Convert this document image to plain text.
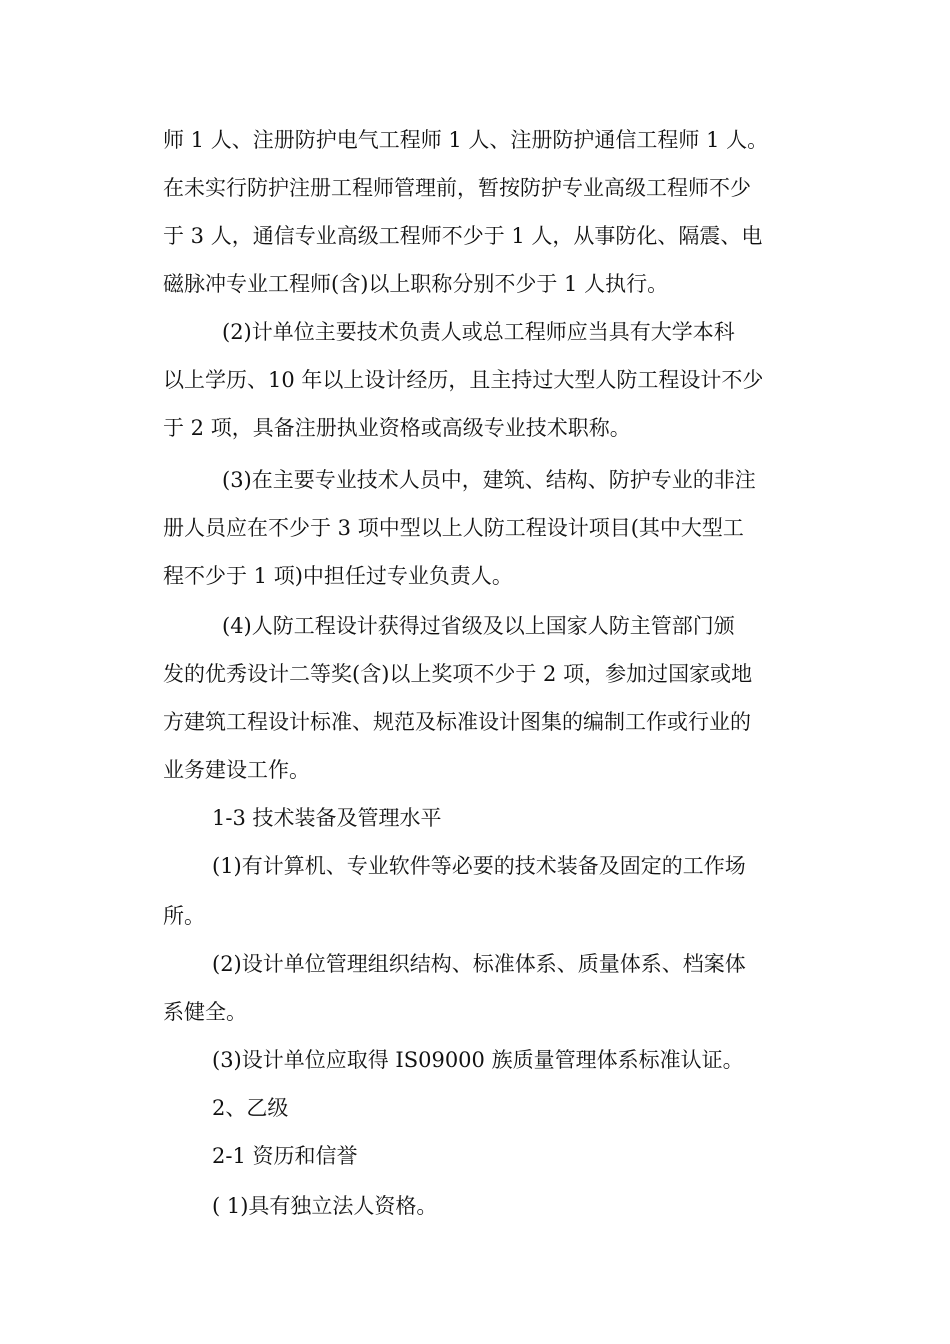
师 1 人、注册防护电气工程师 1 人、注册防护通信工程师 1 人。
在未实行防护注册工程师管理前，暂按防护专业高级工程师不少
于 3 人，通信专业高级工程师不少于 1 人，从事防化、隔震、电
磁脉冲专业工程师(含)以上职称分别不少于 1 人执行。
(2)计单位主要技术负责人或总工程师应当具有大学本科
以上学历、10 年以上设计经历，且主持过大型人防工程设计不少
于 2 项，具备注册执业资格或高级专业技术职称。
(3)在主要专业技术人员中，建筑、结构、防护专业的非注
册人员应在不少于 3 项中型以上人防工程设计项目(其中大型工
程不少于 1 项)中担任过专业负责人。
(4)人防工程设计获得过省级及以上国家人防主管部门颁
发的优秀设计二等奖(含)以上奖项不少于 2 项，参加过国家或地
方建筑工程设计标准、规范及标准设计图集的编制工作或行业的
业务建设工作。
1-3 技术装备及管理水平
(1)有计算机、专业软件等必要的技术装备及固定的工作场
所。
(2)设计单位管理组织结构、标准体系、质量体系、档案体
系健全。
(3)设计单位应取得 IS09000 族质量管理体系标准认证。
2、乙级
2-1 资历和信誉
( 1)具有独立法人资格。
